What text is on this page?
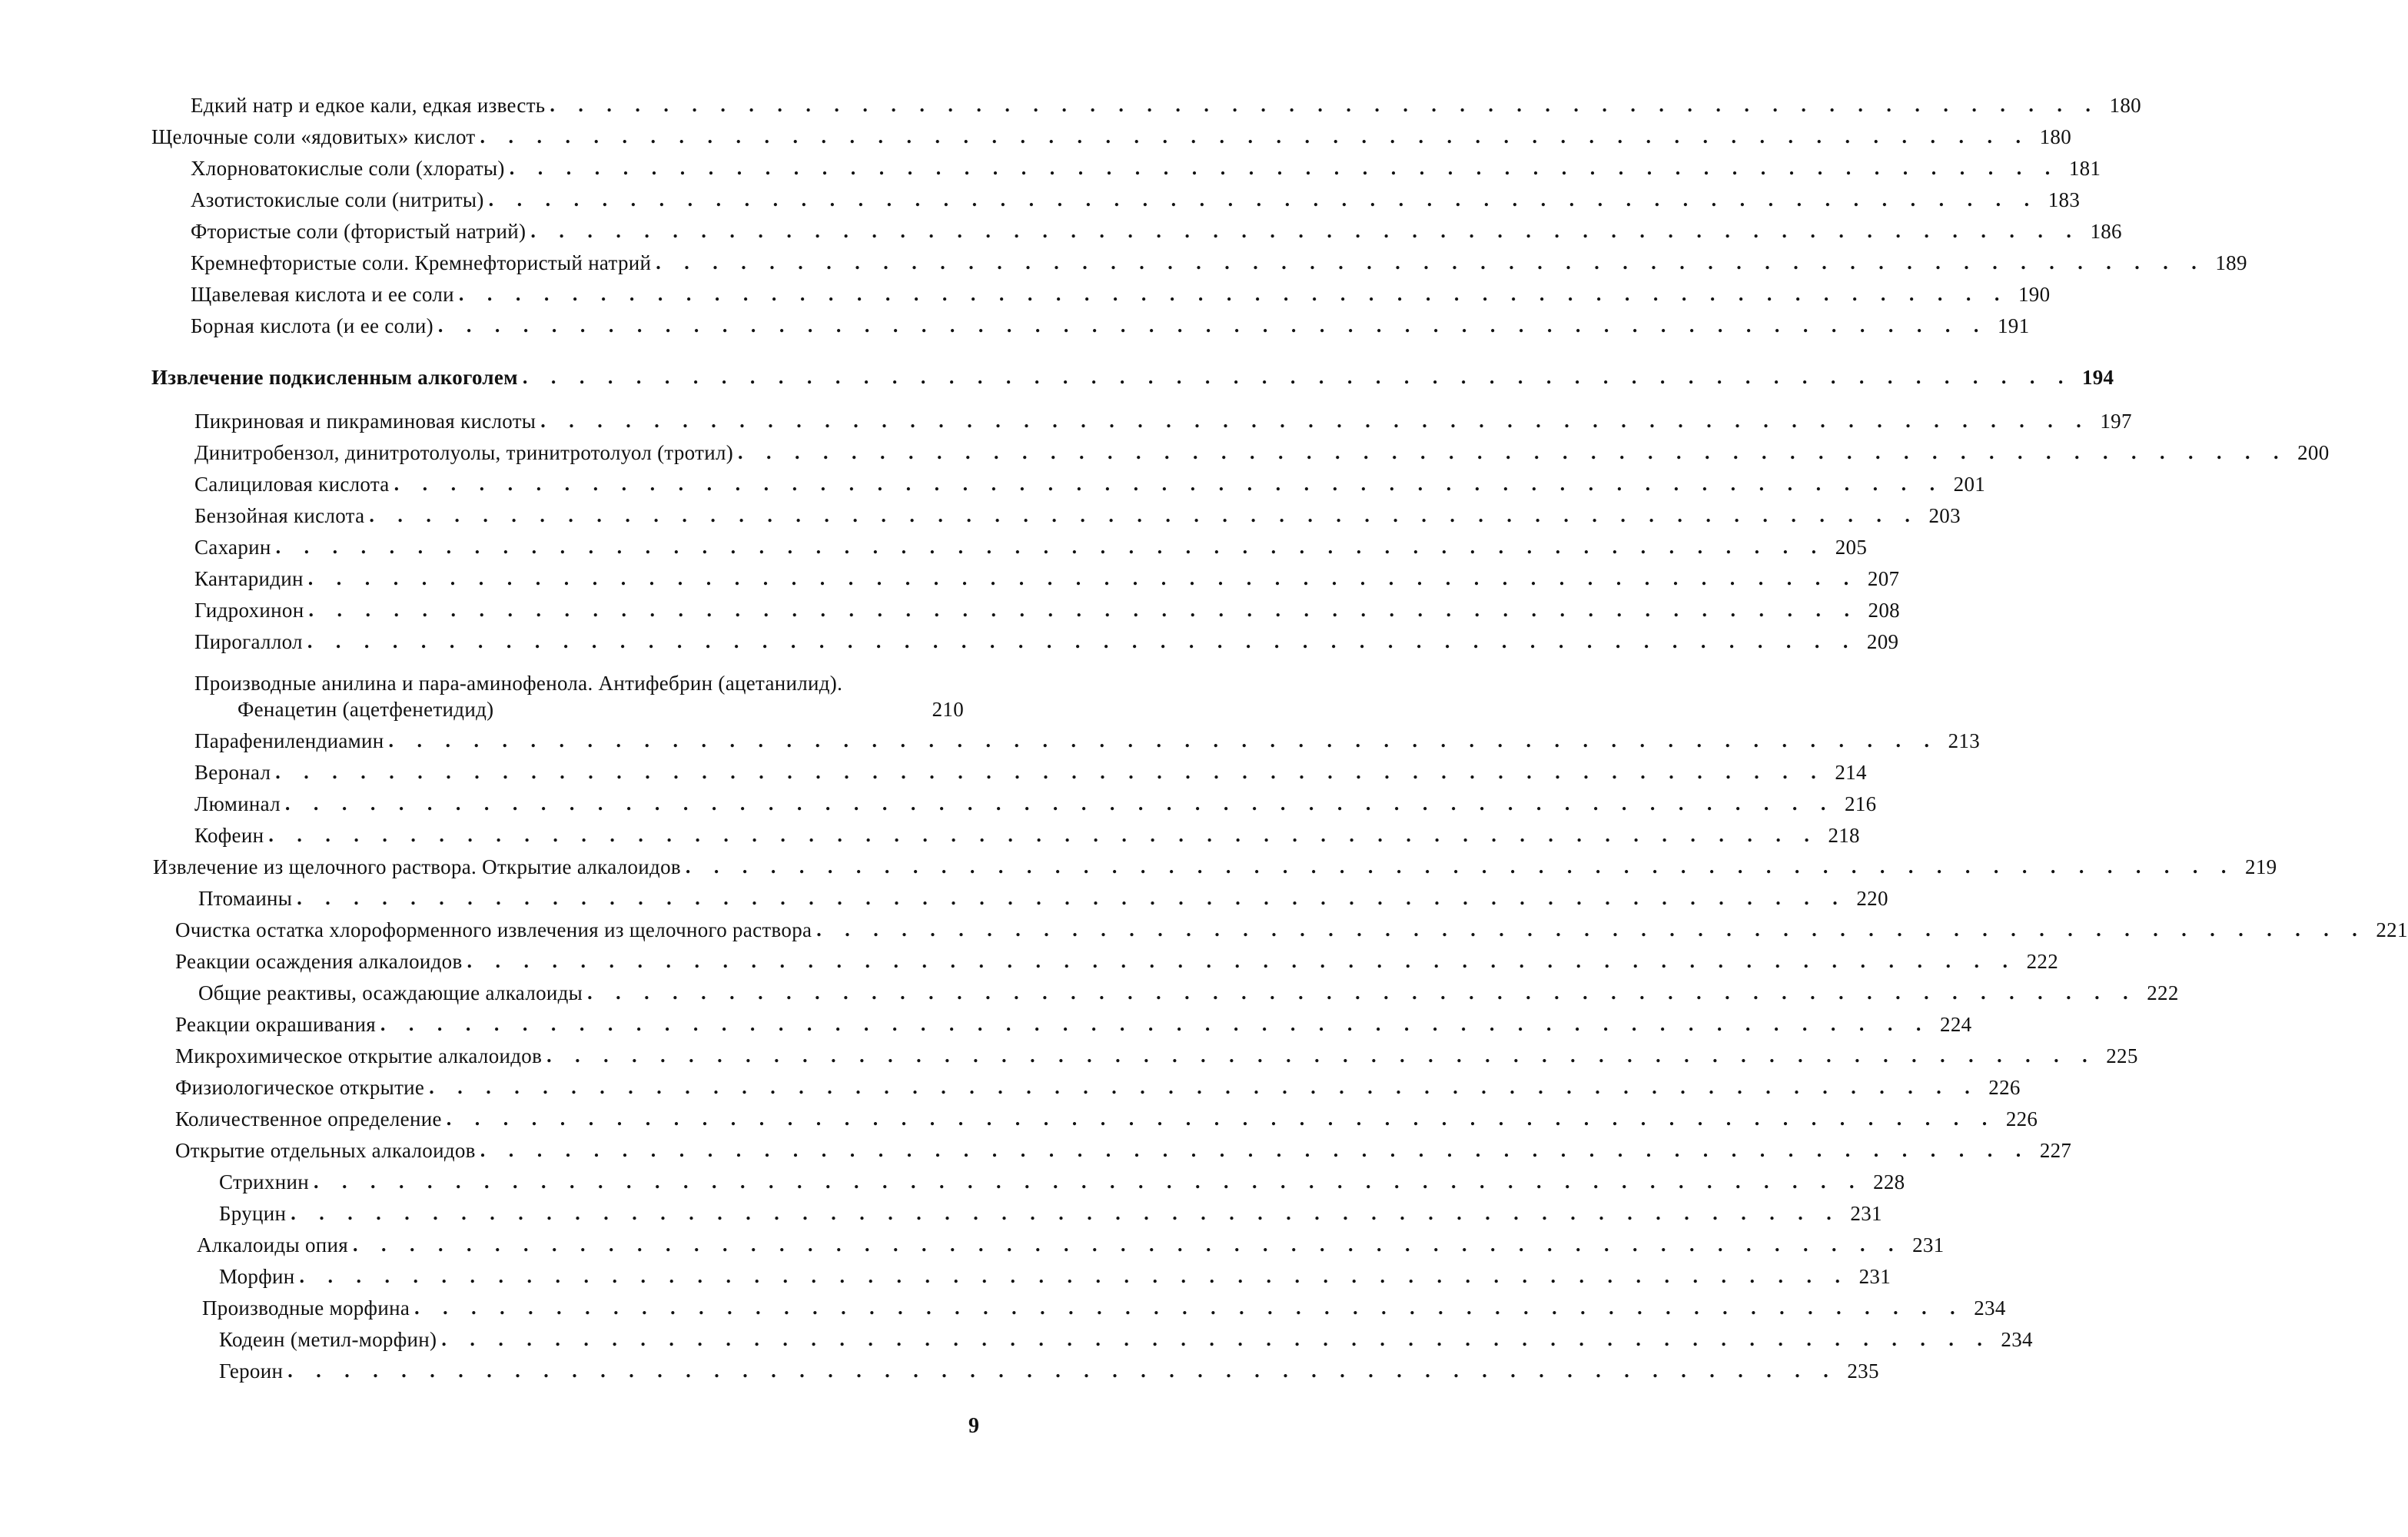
Едкий натр и едкое кали, едкая известь . . . . . . . . . . . . . . . . . . . . . . . . . . . . . . . . . . . . . . . . . . . . . . . . . . . . . . . 180
Щелочные соли «ядовитых» кислот . . . . . . . . . . . . . . . . . . . . . . . . . . . . . . . . . . . . . . . . . . . . . . . . . . . . . . . 180
Хлорноватокислые соли (хлораты) . . . . . . . . . . . . . . . . . . . . . . . . . . . . . . . . . . . . . . . . . . . . . . . . . . . . . . . 181
Азотистокислые соли (нитриты) . . . . . . . . . . . . . . . . . . . . . . . . . . . . . . . . . . . . . . . . . . . . . . . . . . . . . . . 183
Фтористые соли (фтористый натрий) . . . . . . . . . . . . . . . . . . . . . . . . . . . . . . . . . . . . . . . . . . . . . . . . . . . . . . . 186
Кремнефтористые соли. Кремнефтористый натрий . . . . . . . . . . . . . . . . . . . . . . . . . . . . . . . . . . . . . . . . . . . . . . . . . . . . . . . 189
Щавелевая кислота и ее соли . . . . . . . . . . . . . . . . . . . . . . . . . . . . . . . . . . . . . . . . . . . . . . . . . . . . . . . 190
Борная кислота (и ее соли) . . . . . . . . . . . . . . . . . . . . . . . . . . . . . . . . . . . . . . . . . . . . . . . . . . . . . . . 191
Извлечение подкисленным алкоголем . . . . . . . . . . . . . . . . . . . . . . . . . . . . . . . . . . . . . . . . . . . . . . . . . . . . . . . 194
Пикриновая и пикраминовая кислоты . . . . . . . . . . . . . . . . . . . . . . . . . . . . . . . . . . . . . . . . . . . . . . . . . . . . . . . 197
Динитробензол, динитротолуолы, тринитротолуол (тротил) . . . . . . . . . . . . . . . . . . . . . . . . . . . . . . . . . . . . . . . . . . . . . . . . . . . . . . . 200
Салициловая кислота . . . . . . . . . . . . . . . . . . . . . . . . . . . . . . . . . . . . . . . . . . . . . . . . . . . . . . . 201
Бензойная кислота . . . . . . . . . . . . . . . . . . . . . . . . . . . . . . . . . . . . . . . . . . . . . . . . . . . . . . . 203
Сахарин . . . . . . . . . . . . . . . . . . . . . . . . . . . . . . . . . . . . . . . . . . . . . . . . . . . . . . . 205
Кантаридин . . . . . . . . . . . . . . . . . . . . . . . . . . . . . . . . . . . . . . . . . . . . . . . . . . . . . . . 207
Гидрохинон . . . . . . . . . . . . . . . . . . . . . . . . . . . . . . . . . . . . . . . . . . . . . . . . . . . . . . . 208
Пирогаллол . . . . . . . . . . . . . . . . . . . . . . . . . . . . . . . . . . . . . . . . . . . . . . . . . . . . . . . 209
Производные анилина и пара-аминофенола. Антифебрин (ацетанилид).
Фенацетин (ацетфенетидид)	210
Парафенилендиамин . . . . . . . . . . . . . . . . . . . . . . . . . . . . . . . . . . . . . . . . . . . . . . . . . . . . . . . 213
Веронал . . . . . . . . . . . . . . . . . . . . . . . . . . . . . . . . . . . . . . . . . . . . . . . . . . . . . . . 214
Люминал . . . . . . . . . . . . . . . . . . . . . . . . . . . . . . . . . . . . . . . . . . . . . . . . . . . . . . . 216
Кофеин . . . . . . . . . . . . . . . . . . . . . . . . . . . . . . . . . . . . . . . . . . . . . . . . . . . . . . . 218
Извлечение из щелочного раствора. Открытие алкалоидов . . . . . . . . . . . . . . . . . . . . . . . . . . . . . . . . . . . . . . . . . . . . . . . . . . . . . . . 219
Птомаины . . . . . . . . . . . . . . . . . . . . . . . . . . . . . . . . . . . . . . . . . . . . . . . . . . . . . . . 220
Очистка остатка хлороформенного извлечения из щелочного раствора . . . . . . . . . . . . . . . . . . . . . . . . . . . . . . . . . . . . . . . . . . . . . . . . . . . . . . . 221
Реакции осаждения алкалоидов . . . . . . . . . . . . . . . . . . . . . . . . . . . . . . . . . . . . . . . . . . . . . . . . . . . . . . . 222
Общие реактивы, осаждающие алкалоиды . . . . . . . . . . . . . . . . . . . . . . . . . . . . . . . . . . . . . . . . . . . . . . . . . . . . . . . 222
Реакции окрашивания . . . . . . . . . . . . . . . . . . . . . . . . . . . . . . . . . . . . . . . . . . . . . . . . . . . . . . . 224
Микрохимическое открытие алкалоидов . . . . . . . . . . . . . . . . . . . . . . . . . . . . . . . . . . . . . . . . . . . . . . . . . . . . . . . 225
Физиологическое открытие . . . . . . . . . . . . . . . . . . . . . . . . . . . . . . . . . . . . . . . . . . . . . . . . . . . . . . . 226
Количественное определение . . . . . . . . . . . . . . . . . . . . . . . . . . . . . . . . . . . . . . . . . . . . . . . . . . . . . . . 226
Открытие отдельных алкалоидов . . . . . . . . . . . . . . . . . . . . . . . . . . . . . . . . . . . . . . . . . . . . . . . . . . . . . . . 227
Стрихнин . . . . . . . . . . . . . . . . . . . . . . . . . . . . . . . . . . . . . . . . . . . . . . . . . . . . . . . 228
Бруцин . . . . . . . . . . . . . . . . . . . . . . . . . . . . . . . . . . . . . . . . . . . . . . . . . . . . . . . 231
Алкалоиды опия . . . . . . . . . . . . . . . . . . . . . . . . . . . . . . . . . . . . . . . . . . . . . . . . . . . . . . . 231
Морфин . . . . . . . . . . . . . . . . . . . . . . . . . . . . . . . . . . . . . . . . . . . . . . . . . . . . . . . 231
Производные морфина . . . . . . . . . . . . . . . . . . . . . . . . . . . . . . . . . . . . . . . . . . . . . . . . . . . . . . . 234
Кодеин (метил-морфин) . . . . . . . . . . . . . . . . . . . . . . . . . . . . . . . . . . . . . . . . . . . . . . . . . . . . . . . 234
Героин . . . . . . . . . . . . . . . . . . . . . . . . . . . . . . . . . . . . . . . . . . . . . . . . . . . . . . . 235
9
